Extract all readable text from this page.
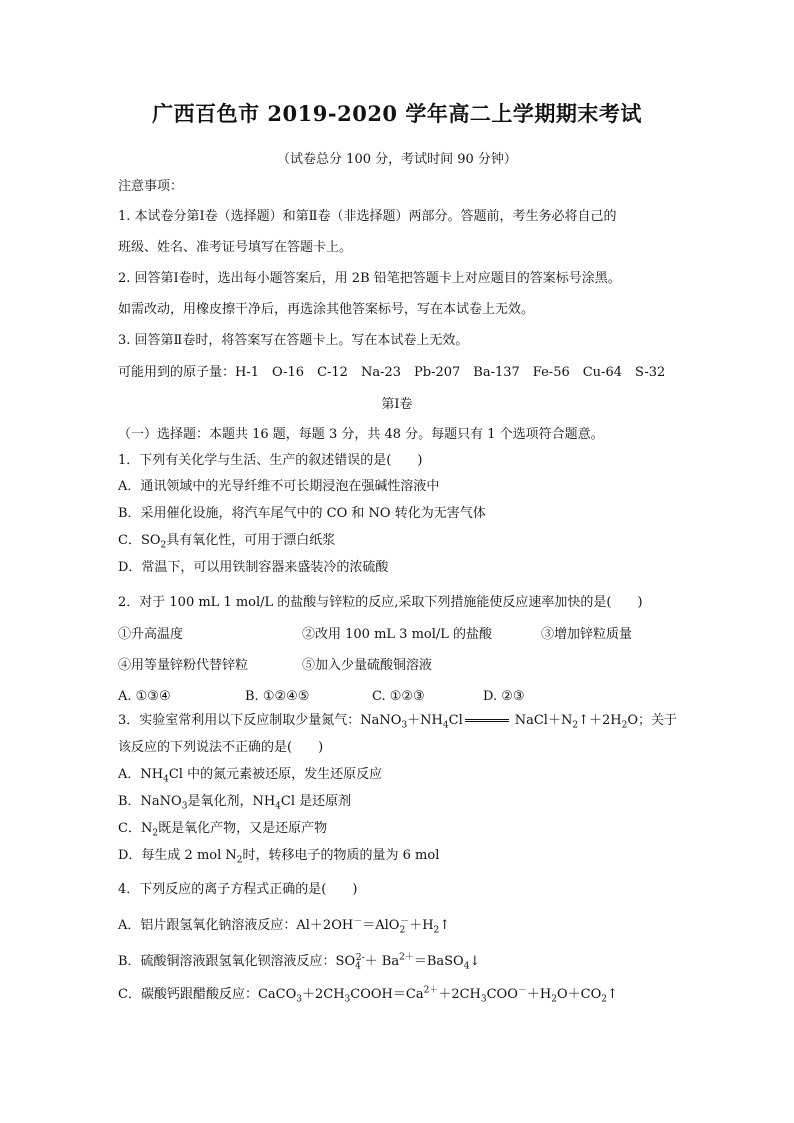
广西百色市 2019-2020 学年高二上学期期末考试
（试卷总分 100 分，考试时间 90 分钟）
注意事项：
1. 本试卷分第Ⅰ卷（选择题）和第Ⅱ卷（非选择题）两部分。答题前，考生务必将自己的
班级、姓名、准考证号填写在答题卡上。
2. 回答第Ⅰ卷时，选出每小题答案后，用 2B 铅笔把答题卡上对应题目的答案标号涂黑。
如需改动，用橡皮擦干净后，再选涂其他答案标号，写在本试卷上无效。
3. 回答第Ⅱ卷时，将答案写在答题卡上。写在本试卷上无效。
可能用到的原子量：H-1　O-16　C-12　Na-23　Pb-207　Ba-137　Fe-56　Cu-64　S-32
第Ⅰ卷
（一）选择题：本题共 16 题，每题 3 分，共 48 分。每题只有 1 个选项符合题意。
1．下列有关化学与生活、生产的叙述错误的是(　　)
A．通讯领域中的光导纤维不可长期浸泡在强碱性溶液中
B．采用催化设施，将汽车尾气中的 CO 和 NO 转化为无害气体
C．$SO_2$具有氧化性，可用于漂白纸浆
D．常温下，可以用铁制容器来盛装冷的浓硫酸
2．对于 100 mL 1 mol/L 的盐酸与锌粒的反应,采取下列措施能使反应速率加快的是(　　)
①升高温度	②改用 100 mL 3 mol/L 的盐酸	③增加锌粒质量
④用等量锌粉代替锌粒	⑤加入少量硫酸铜溶液
A. ①③④	B. ①②④⑤	C. ①②③	D. ②③
3．实验室常利用以下反应制取少量氮气：$NaNO_3+NH_4Cl$	$NaCl+N_2↑+2H_2O$；关于
该反应的下列说法不正确的是(　　)
A．$NH_4Cl$ 中的氮元素被还原，发生还原反应
B．NaNO$_3$是氧化剂，$NH_4Cl$ 是还原剂
C．$N_2$既是氧化产物，又是还原产物
D．每生成 2 mol $N_2$时，转移电子的物质的量为 6 mol
4．下列反应的离子方程式正确的是(　　)
A．铝片跟氢氧化钠溶液反应：$Al+2OH^-=AlO_2^-+H_2↑$
B．硫酸铜溶液跟氢氧化钡溶液反应：$SO_4^{2-}+$ $Ba^{2+}=BaSO_4↓$
C．碳酸钙跟醋酸反应：$CaCO_3+2CH_3COOH=Ca^{2+}+2CH_3COO^-+H_2O+CO_2↑$
